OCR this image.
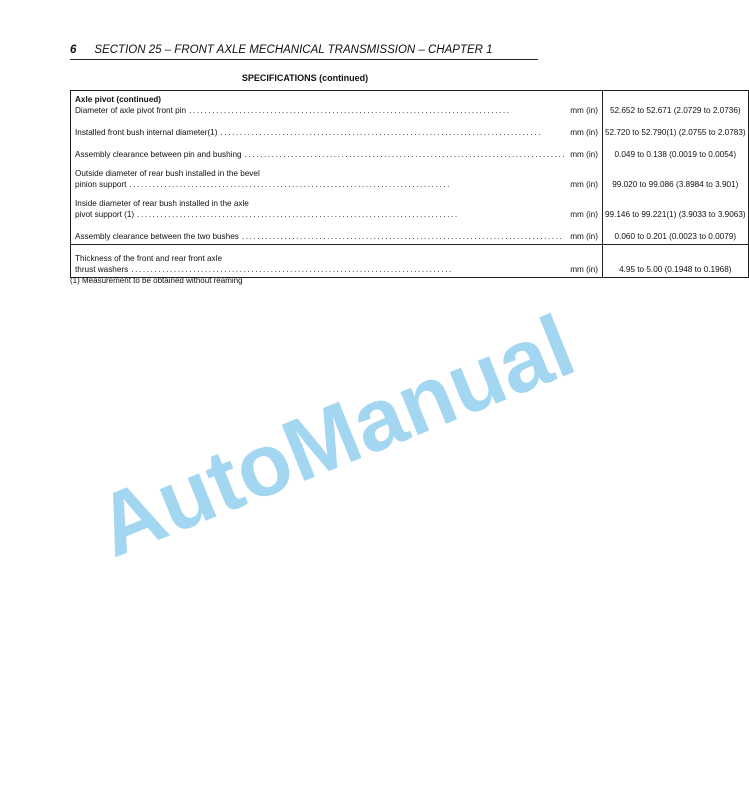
6 SECTION 25 – FRONT AXLE MECHANICAL TRANSMISSION – CHAPTER 1
SPECIFICATIONS (continued)
Axle pivot (continued)
Diameter of axle pivot front pin ................................................................................... mm (in)	52.652 to 52.671 (2.0729 to 2.0736)

Installed front bush internal diameter(1) ................................................................................... mm (in)	52.720 to 52.790(1) (2.0755 to 2.0783)

Assembly clearance between pin and bushing ................................................................................... mm (in)	0.049 to 0.138 (0.0019 to 0.0054)

Outside diameter of rear bush installed in the bevel
pinion support ................................................................................... mm (in)	99.020 to 99.086 (3.8984 to 3.901)

Inside diameter of rear bush installed in the axle
pivot support (1) ................................................................................... mm (in)	99.146 to 99.221(1) (3.9033 to 3.9063)

Assembly clearance between the two bushes ................................................................................... mm (in)	0.060 to 0.201 (0.0023 to 0.0079)

Thickness of the front and rear front axle
thrust washers ................................................................................... mm (in)	4.95 to 5.00 (0.1948 to 0.1968)
(1) Measurement to be obtained without reaming
AutoManual
